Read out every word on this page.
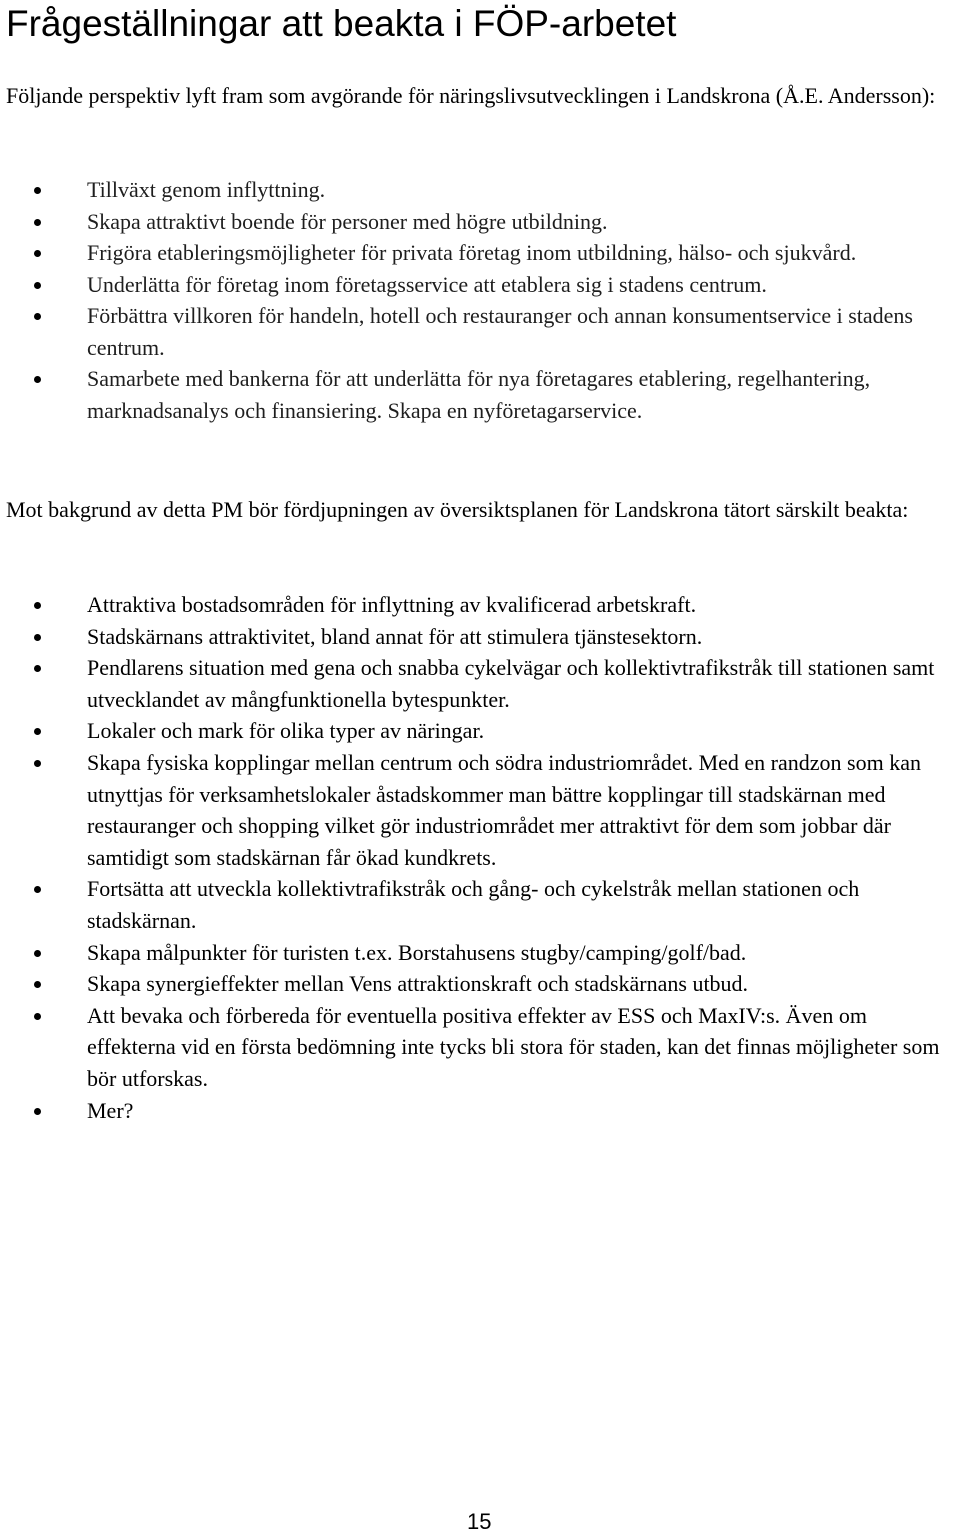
Frågeställningar att beakta i FÖP-arbetet

Följande perspektiv lyft fram som avgörande för näringslivsutvecklingen i Landskrona (Å.E. Andersson):

Tillväxt genom inflyttning.
Skapa attraktivt boende för personer med högre utbildning.
Frigöra etableringsmöjligheter för privata företag inom utbildning, hälso- och sjukvård.
Underlätta för företag inom företagsservice att etablera sig i stadens centrum.
Förbättra villkoren för handeln, hotell och restauranger och annan konsumentservice i stadens centrum.
Samarbete med bankerna för att underlätta för nya företagares etablering, regelhantering, marknadsanalys och finansiering. Skapa en nyföretagarservice.

Mot bakgrund av detta PM bör fördjupningen av översiktsplanen för Landskrona tätort särskilt beakta:

Attraktiva bostadsområden för inflyttning av kvalificerad arbetskraft.
Stadskärnans attraktivitet, bland annat för att stimulera tjänstesektorn.
Pendlarens situation med gena och snabba cykelvägar och kollektivtrafikstråk till stationen samt utvecklandet av mångfunktionella bytespunkter.
Lokaler och mark för olika typer av näringar.
Skapa fysiska kopplingar mellan centrum och södra industriområdet. Med en randzon som kan utnyttjas för verksamhetslokaler åstadskommer man bättre kopplingar till stadskärnan med restauranger och shopping vilket gör industriområdet mer attraktivt för dem som jobbar där samtidigt som stadskärnan får ökad kundkrets.
Fortsätta att utveckla kollektivtrafikstråk och gång- och cykelstråk mellan stationen och stadskärnan.
Skapa målpunkter för turisten t.ex. Borstahusens stugby/camping/golf/bad.
Skapa synergieffekter mellan Vens attraktionskraft och stadskärnans utbud.
Att bevaka och förbereda för eventuella positiva effekter av ESS och MaxIV:s. Även om effekterna vid en första bedömning inte tycks bli stora för staden, kan det finnas möjligheter som bör utforskas.
Mer?

15
